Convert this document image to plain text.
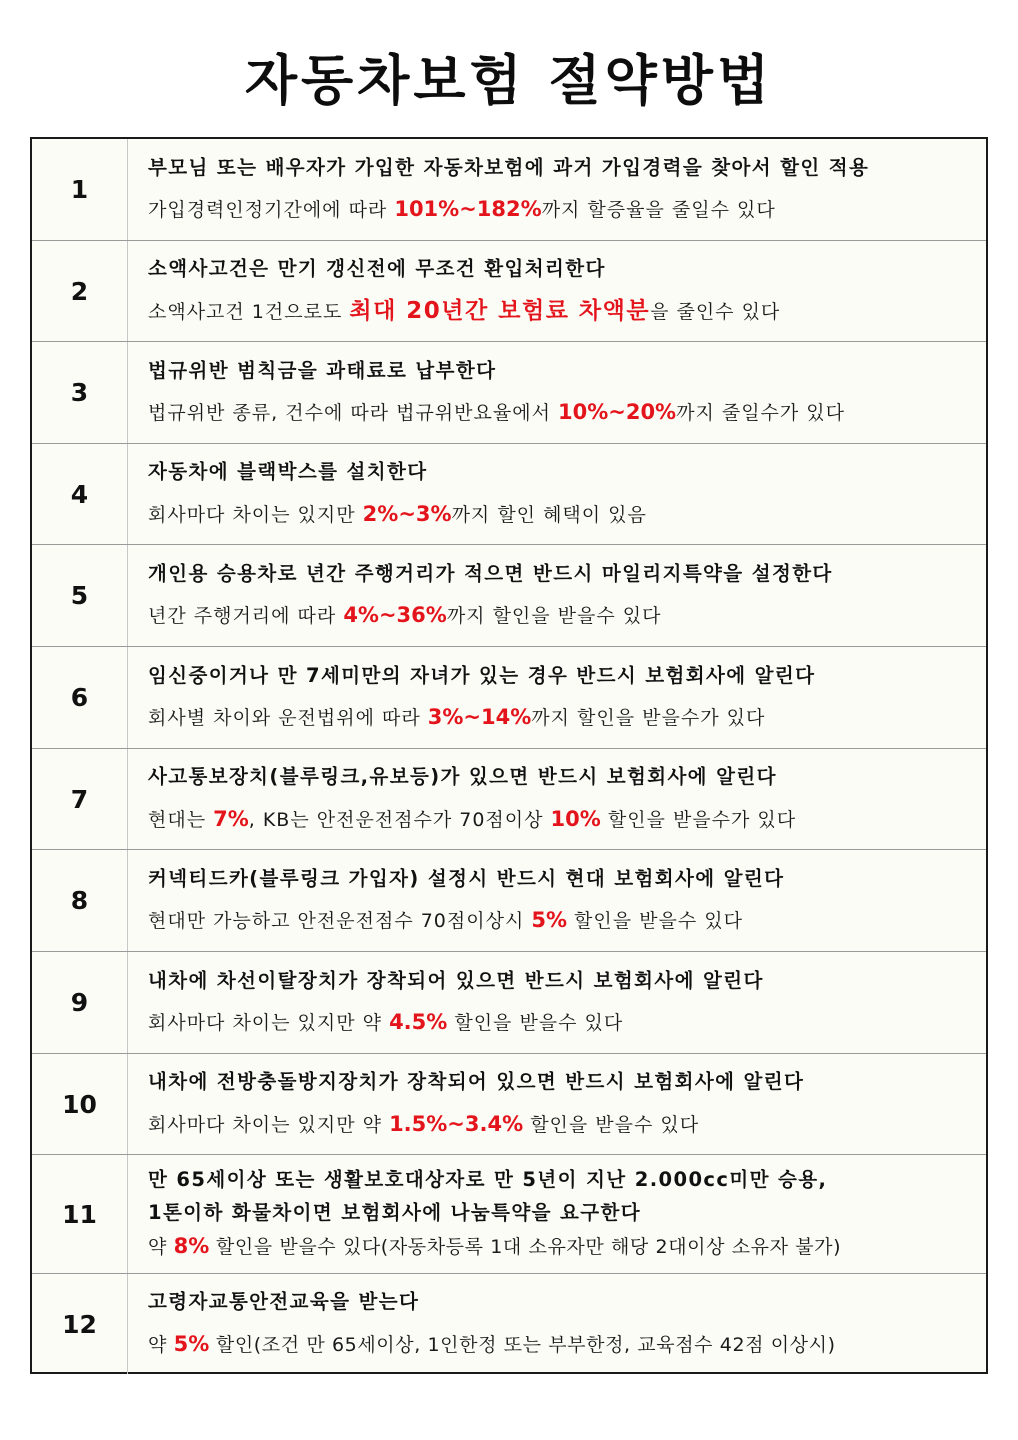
자동차보험 절약방법
1
부모님 또는 배우자가 가입한 자동차보험에 과거 가입경력을 찾아서 할인 적용
가입경력인정기간에에 따라 101%~182%까지 할증율을 줄일수 있다
2
소액사고건은 만기 갱신전에 무조건 환입처리한다
소액사고건 1건으로도 최대 20년간 보험료 차액분을 줄인수 있다
3
법규위반 범칙금을 과태료로 납부한다
법규위반 종류, 건수에 따라 법규위반요율에서 10%~20%까지 줄일수가 있다
4
자동차에 블랙박스를 설치한다
회사마다 차이는 있지만 2%~3%까지 할인 혜택이 있음
5
개인용 승용차로 년간 주행거리가 적으면 반드시 마일리지특약을 설정한다
년간 주행거리에 따라 4%~36%까지 할인을 받을수 있다
6
임신중이거나 만 7세미만의 자녀가 있는 경우 반드시 보험회사에 알린다
회사별 차이와 운전법위에 따라 3%~14%까지 할인을 받을수가 있다
7
사고통보장치(블루링크,유보등)가 있으면 반드시 보험회사에 알린다
현대는 7%, KB는 안전운전점수가 70점이상 10% 할인을 받을수가 있다
8
커넥티드카(블루링크 가입자) 설정시 반드시 현대 보험회사에 알린다
현대만 가능하고 안전운전점수 70점이상시 5% 할인을 받을수 있다
9
내차에 차선이탈장치가 장착되어 있으면 반드시 보험회사에 알린다
회사마다 차이는 있지만 약 4.5% 할인을 받을수 있다
10
내차에 전방충돌방지장치가 장착되어 있으면 반드시 보험회사에 알린다
회사마다 차이는 있지만 약 1.5%~3.4% 할인을 받을수 있다
11
만 65세이상 또는 생활보호대상자로 만 5년이 지난 2.000cc미만 승용,
1톤이하 화물차이면 보험회사에 나눔특약을 요구한다
약 8% 할인을 받을수 있다(자동차등록 1대 소유자만 해당 2대이상 소유자 불가)
12
고령자교통안전교육을 받는다
약 5% 할인(조건 만 65세이상, 1인한정 또는 부부한정, 교육점수 42점 이상시)
